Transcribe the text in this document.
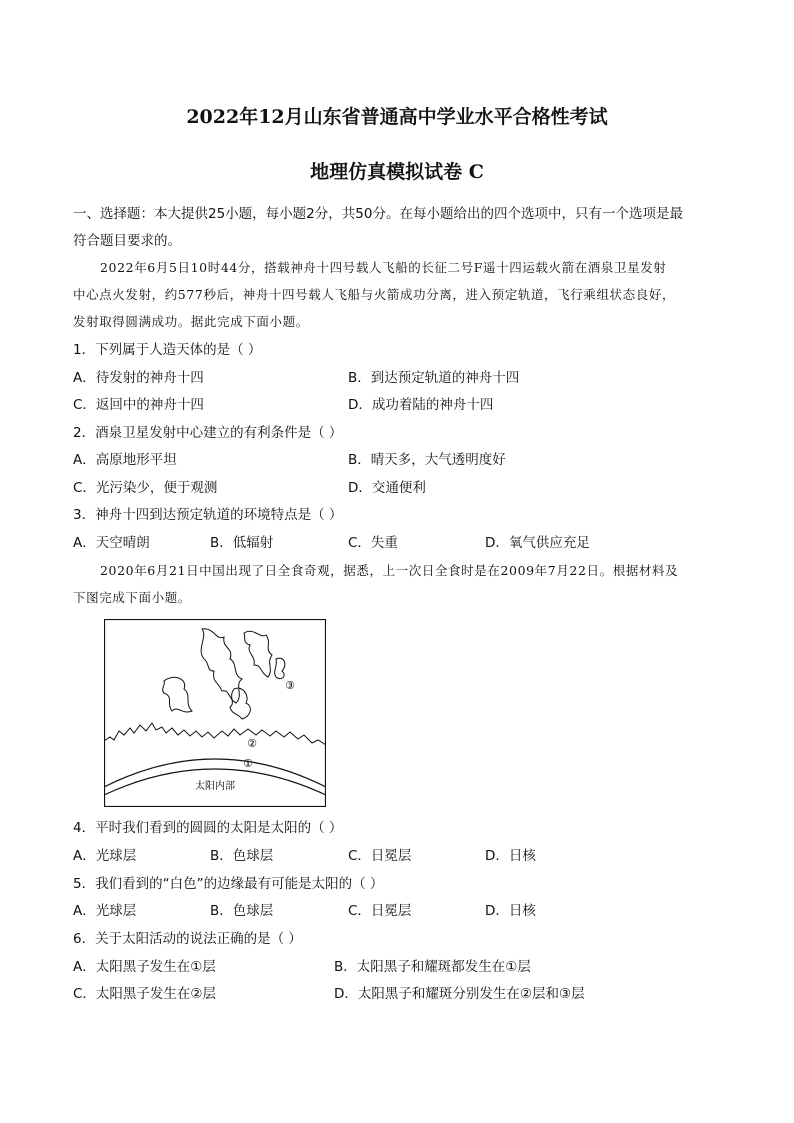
2022年12月山东省普通高中学业水平合格性考试
地理仿真模拟试卷 C
一、选择题：本大提供25小题，每小题2分，共50分。在每小题给出的四个选项中，只有一个选项是最
符合题目要求的。
2022年6月5日10时44分，搭载神舟十四号载人飞船的长征二号F遥十四运载火箭在酒泉卫星发射
中心点火发射，约577秒后，神舟十四号载人飞船与火箭成功分离，进入预定轨道，飞行乘组状态良好，
发射取得圆满成功。据此完成下面小题。
1．下列属于人造天体的是（ ）
A．待发射的神舟十四	B．到达预定轨道的神舟十四
C．返回中的神舟十四	D．成功着陆的神舟十四
2．酒泉卫星发射中心建立的有利条件是（ ）
A．高原地形平坦	B．晴天多，大气透明度好
C．光污染少，便于观测	D．交通便利
3．神舟十四到达预定轨道的环境特点是（ ）
A．天空晴朗	B．低辐射	C．失重	D．氧气供应充足
2020年6月21日中国出现了日全食奇观，据悉，上一次日全食时是在2009年7月22日。根据材料及
下图完成下面小题。
③
②
①
太阳内部
4．平时我们看到的圆圆的太阳是太阳的（ ）
A．光球层	B．色球层	C．日冕层	D．日核
5．我们看到的“白色”的边缘最有可能是太阳的（ ）
A．光球层	B．色球层	C．日冕层	D．日核
6．关于太阳活动的说法正确的是（ ）
A．太阳黑子发生在①层	B．太阳黑子和耀斑都发生在①层
C．太阳黑子发生在②层	D．太阳黑子和耀斑分别发生在②层和③层
